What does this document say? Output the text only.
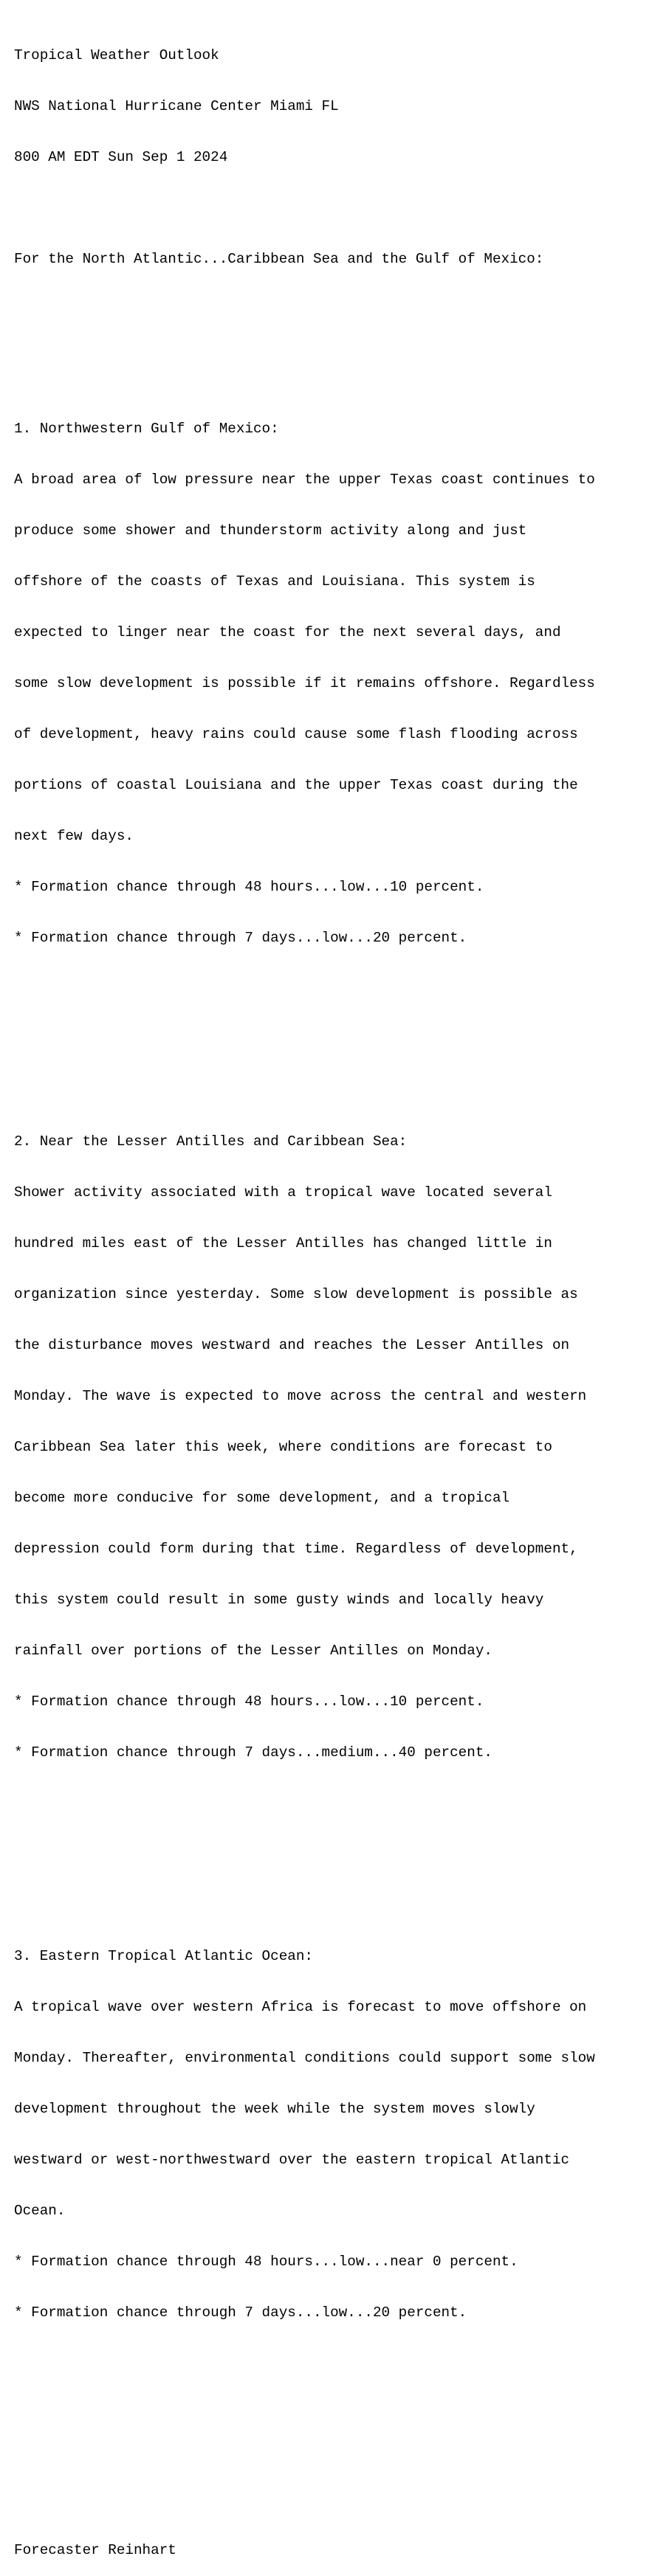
Tropical Weather Outlook

NWS National Hurricane Center Miami FL

800 AM EDT Sun Sep 1 2024

For the North Atlantic...Caribbean Sea and the Gulf of Mexico:

1. Northwestern Gulf of Mexico:

A broad area of low pressure near the upper Texas coast continues to

produce some shower and thunderstorm activity along and just

offshore of the coasts of Texas and Louisiana. This system is

expected to linger near the coast for the next several days, and

some slow development is possible if it remains offshore. Regardless

of development, heavy rains could cause some flash flooding across

portions of coastal Louisiana and the upper Texas coast during the

next few days.

* Formation chance through 48 hours...low...10 percent.

* Formation chance through 7 days...low...20 percent.

2. Near the Lesser Antilles and Caribbean Sea:

Shower activity associated with a tropical wave located several

hundred miles east of the Lesser Antilles has changed little in

organization since yesterday. Some slow development is possible as

the disturbance moves westward and reaches the Lesser Antilles on

Monday. The wave is expected to move across the central and western

Caribbean Sea later this week, where conditions are forecast to

become more conducive for some development, and a tropical

depression could form during that time. Regardless of development,

this system could result in some gusty winds and locally heavy

rainfall over portions of the Lesser Antilles on Monday.

* Formation chance through 48 hours...low...10 percent.

* Formation chance through 7 days...medium...40 percent.

3. Eastern Tropical Atlantic Ocean:

A tropical wave over western Africa is forecast to move offshore on

Monday. Thereafter, environmental conditions could support some slow

development throughout the week while the system moves slowly

westward or west-northwestward over the eastern tropical Atlantic

Ocean.

* Formation chance through 48 hours...low...near 0 percent.

* Formation chance through 7 days...low...20 percent.

Forecaster Reinhart
